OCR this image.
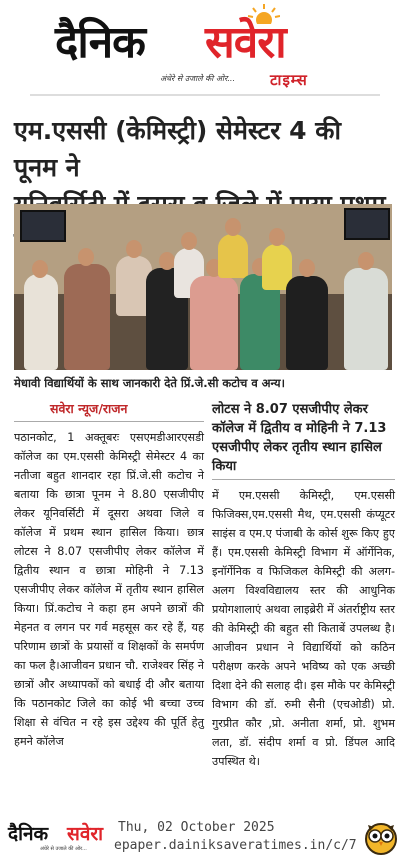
दैनिक सवेरा
अंधेरे से उजाले की ओर... टाइम्स
एम.एससी (केमिस्ट्री) सेमेस्टर 4 की पूनम ने
मेधावी विद्यार्थियों के साथ जानकारी देते प्रिं.जे.सी कटोच व अन्य।
सवेरा न्यूज/राजन
पठानकोट, 1 अक्तूबरः एसएमडीआरएसडी कॉलेज का एम.एससी केमिस्ट्री सेमेस्टर 4 का नतीजा बहुत शानदार रहा प्रिं.जे.सी कटोच ने बताया कि छात्रा पूनम ने 8.80 एसजीपीए लेकर यूनिवर्सिटी में दूसरा अथवा जिले व कॉलेज में प्रथम स्थान हासिल किया। छात्र लोटस ने 8.07 एसजीपीए लेकर कॉलेज में द्वितीय स्थान व छात्रा मोहिनी ने 7.13 एसजीपीए लेकर कॉलेज में तृतीय स्थान हासिल किया। प्रिं.कटोच ने कहा हम अपने छात्रों की मेहनत व लगन पर गर्व महसूस कर रहे हैं, यह परिणाम छात्रों के प्रयासों व शिक्षकों के समर्पण का फल है।आजीवन प्रधान चौ. राजेश्वर सिंह ने छात्रों और अध्यापकों को बधाई दी और बताया कि पठानकोट जिले का कोई भी बच्चा उच्च शिक्षा से वंचित न रहे इस उद्देश्य की पूर्ति हेतु हमने कॉलेज
लोटस ने 8.07 एसजीपीए लेकर कॉलेज में द्वितीय व मोहिनी ने 7.13 एसजीपीए लेकर तृतीय स्थान हासिल किया
में एम.एससी केमिस्ट्री, एम.एससी फिजिक्स,एम.एससी मैथ, एम.एससी कंप्यूटर साइंस व एम.ए पंजाबी के कोर्स शुरू किए हुए हैं। एम.एससी केमिस्ट्री विभाग में ऑर्गेनिक, इनॉर्गेनिक व फिजिकल केमिस्ट्री की अलग-अलग विश्वविद्यालय स्तर की आधुनिक प्रयोगशालाएं अथवा लाइब्रेरी में अंतर्राष्ट्रीय स्तर की केमिस्ट्री की बहुत सी किताबें उपलब्ध है। आजीवन प्रधान ने विद्यार्थियों को कठिन परीक्षण करके अपने भविष्य को एक अच्छी दिशा देने की सलाह दी। इस मौके पर केमिस्ट्री विभाग की डॉ. रुमी सैनी (एचओडी) प्रो. गुरप्रीत कौर ,प्रो. अनीता शर्मा, प्रो. शुभम लता, डॉ. संदीप शर्मा व प्रो. डिंपल आदि उपस्थित थे।
दैनिक सवेरा
अंधेरे से उजाले की ओर...
Thu, 02 October 2025
epaper.dainiksaveratimes.in/c/7
